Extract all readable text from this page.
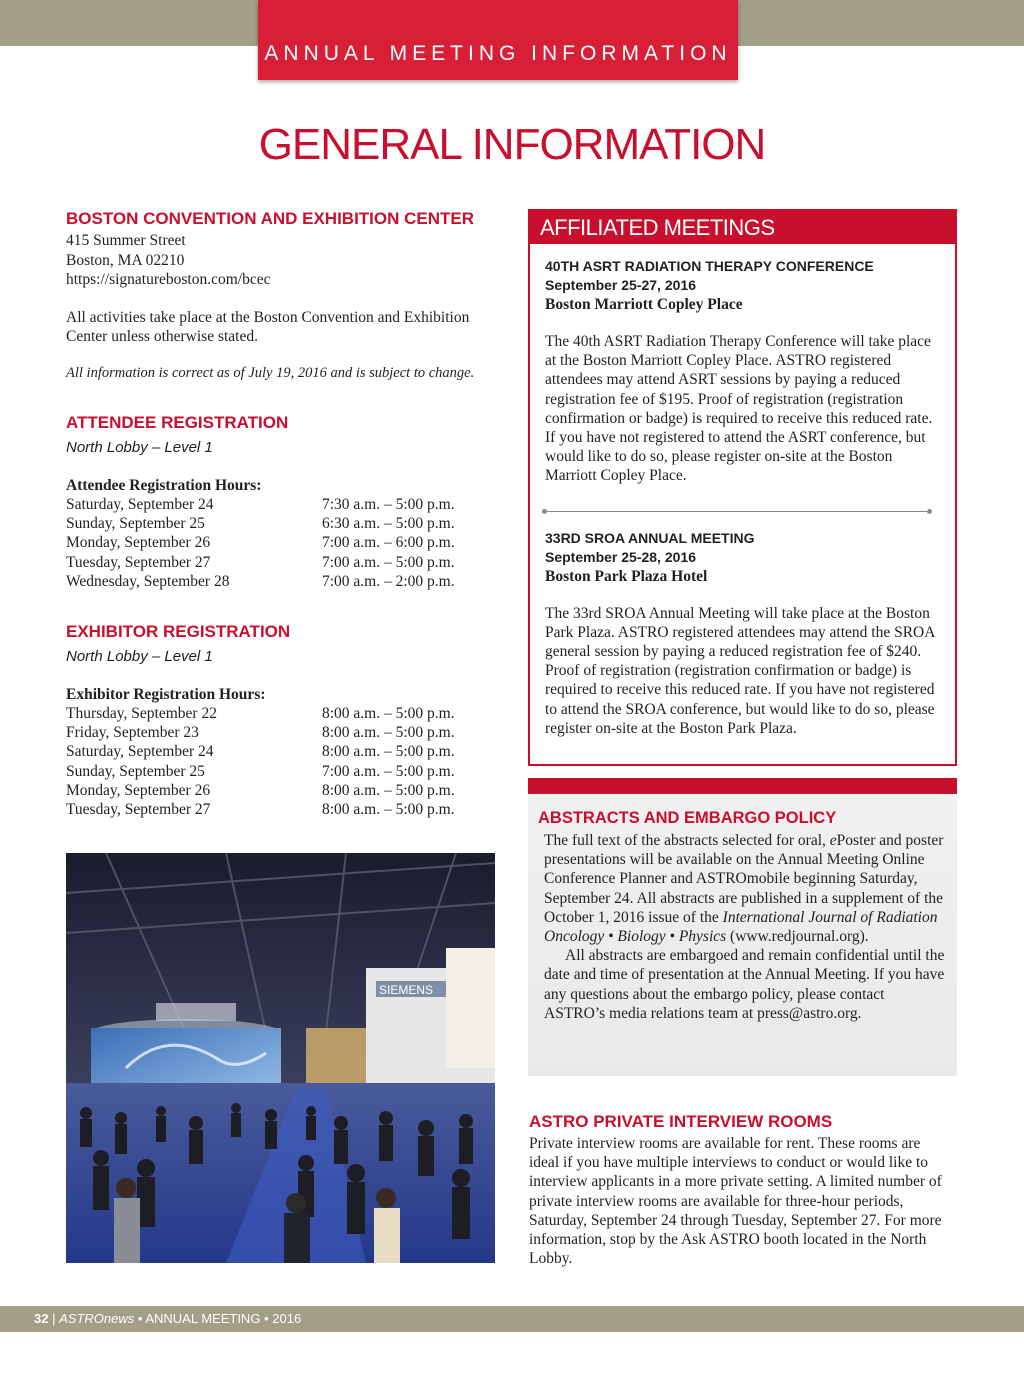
ANNUAL MEETING INFORMATION
GENERAL INFORMATION
BOSTON CONVENTION AND EXHIBITION CENTER
415 Summer Street
Boston, MA 02210
https://signatureboston.com/bcec
All activities take place at the Boston Convention and Exhibition Center unless otherwise stated.
All information is correct as of July 19, 2016 and is subject to change.
ATTENDEE REGISTRATION
North Lobby – Level 1
Attendee Registration Hours:
Saturday, September 24	7:30 a.m. – 5:00 p.m.
Sunday, September 25	6:30 a.m. – 5:00 p.m.
Monday, September 26	7:00 a.m. – 6:00 p.m.
Tuesday, September 27	7:00 a.m. – 5:00 p.m.
Wednesday, September 28	7:00 a.m. – 2:00 p.m.
EXHIBITOR REGISTRATION
North Lobby – Level 1
Exhibitor Registration Hours:
Thursday, September 22	8:00 a.m. – 5:00 p.m.
Friday, September 23	8:00 a.m. – 5:00 p.m.
Saturday, September 24	8:00 a.m. – 5:00 p.m.
Sunday, September 25	7:00 a.m. – 5:00 p.m.
Monday, September 26	8:00 a.m. – 5:00 p.m.
Tuesday, September 27	8:00 a.m. – 5:00 p.m.
SIEMENS
AFFILIATED MEETINGS
40TH ASRT RADIATION THERAPY CONFERENCE
September 25-27, 2016
Boston Marriott Copley Place
The 40th ASRT Radiation Therapy Conference will take place at the Boston Marriott Copley Place. ASTRO registered attendees may attend ASRT sessions by paying a reduced registration fee of $195. Proof of registration (registration confirmation or badge) is required to receive this reduced rate. If you have not registered to attend the ASRT conference, but would like to do so, please register on-site at the Boston Marriott Copley Place.
33RD SROA ANNUAL MEETING
September 25-28, 2016
Boston Park Plaza Hotel
The 33rd SROA Annual Meeting will take place at the Boston Park Plaza. ASTRO registered attendees may attend the SROA general session by paying a reduced registration fee of $240. Proof of registration (registration confirmation or badge) is required to receive this reduced rate. If you have not registered to attend the SROA conference, but would like to do so, please register on-site at the Boston Park Plaza.
ABSTRACTS AND EMBARGO POLICY
The full text of the abstracts selected for oral, ePoster and poster presentations will be available on the Annual Meeting Online Conference Planner and ASTROmobile beginning Saturday, September 24. All abstracts are published in a supplement of the October 1, 2016 issue of the International Journal of Radiation Oncology • Biology • Physics (www.redjournal.org).
All abstracts are embargoed and remain confidential until the date and time of presentation at the Annual Meeting. If you have any questions about the embargo policy, please contact ASTRO’s media relations team at press@astro.org.
ASTRO PRIVATE INTERVIEW ROOMS
Private interview rooms are available for rent. These rooms are ideal if you have multiple interviews to conduct or would like to interview applicants in a more private setting. A limited number of private interview rooms are available for three-hour periods, Saturday, September 24 through Tuesday, September 27. For more information, stop by the Ask ASTRO booth located in the North Lobby.
32 | ASTROnews • ANNUAL MEETING • 2016
